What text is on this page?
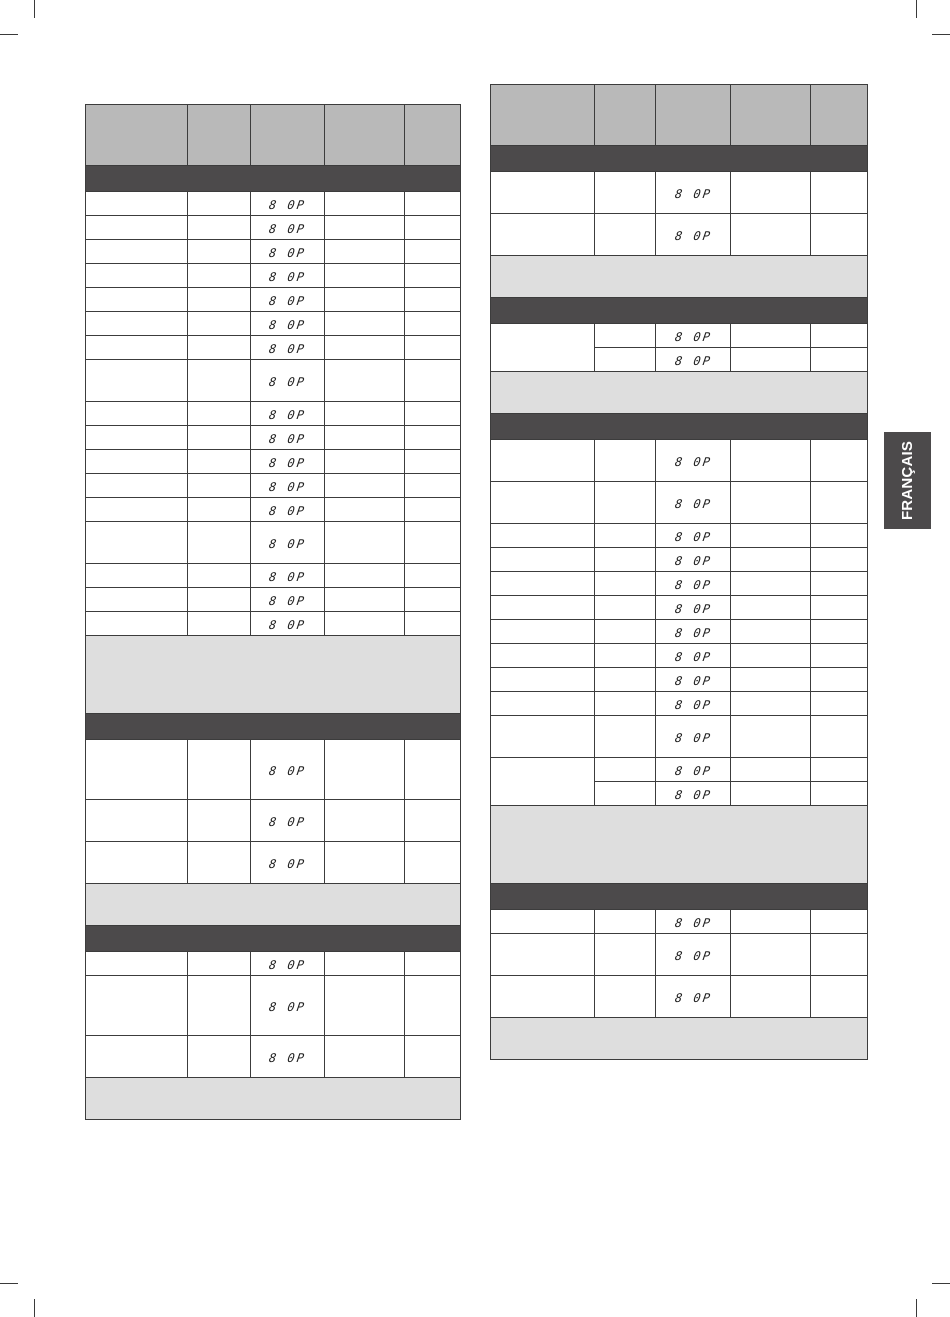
		8 0P		
		8 0P		
		8 0P		
		8 0P		
		8 0P		
		8 0P		
		8 0P		
		8 0P		
		8 0P		
		8 0P		
		8 0P		
		8 0P		
		8 0P		
		8 0P		
		8 0P		
		8 0P		
		8 0P		

		8 0P		
		8 0P		
		8 0P		

		8 0P		
		8 0P		
		8 0P		

		8 0P		
		8 0P		

		8 0P		
		8 0P		

		8 0P		
		8 0P		
		8 0P		
		8 0P		
		8 0P		
		8 0P		
		8 0P		
		8 0P		
		8 0P		
		8 0P		
		8 0P		
		8 0P		
		8 0P		

		8 0P		
		8 0P		
		8 0P		

FRANÇAIS
